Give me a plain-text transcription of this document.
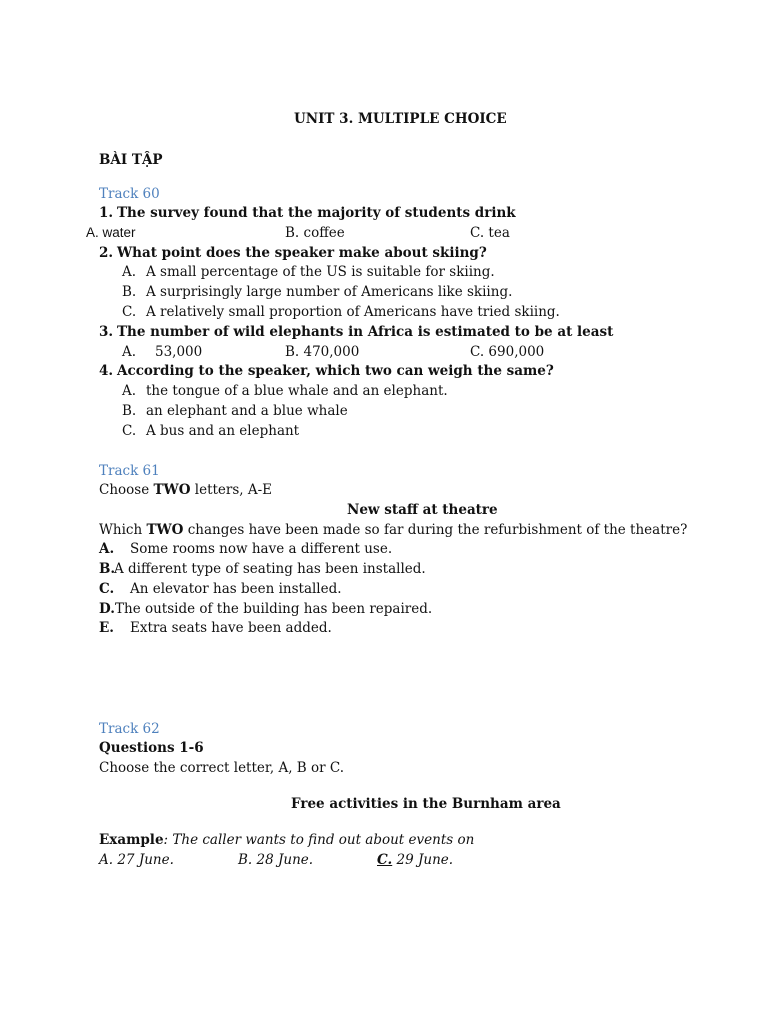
UNIT 3. MULTIPLE CHOICE
BÀI TẬP
Track 60
1. The survey found that the majority of students drink
A. water	B. coffee	C. tea
2. What point does the speaker make about skiing?
A. A small percentage of the US is suitable for skiing.
B. A surprisingly large number of Americans like skiing.
C. A relatively small proportion of Americans have tried skiing.
3. The number of wild elephants in Africa is estimated to be at least
A. 53,000	B. 470,000	C. 690,000
4. According to the speaker, which two can weigh the same?
A. the tongue of a blue whale and an elephant.
B. an elephant and a blue whale
C. A bus and an elephant
Track 61
Choose TWO letters, A-E
New staff at theatre
Which TWO changes have been made so far during the refurbishment of the theatre?
A. Some rooms now have a different use.
B.
A different type of seating has been installed.
C. An elevator has been installed.
D. The outside of the building has been repaired.
E. Extra seats have been added.
Track 62
Questions 1-6
Choose the correct letter, A, B or C.
Free activities in the Burnham area
Example: The caller wants to find out about events on
A. 27 June.	B. 28 June.	C. 29 June.
